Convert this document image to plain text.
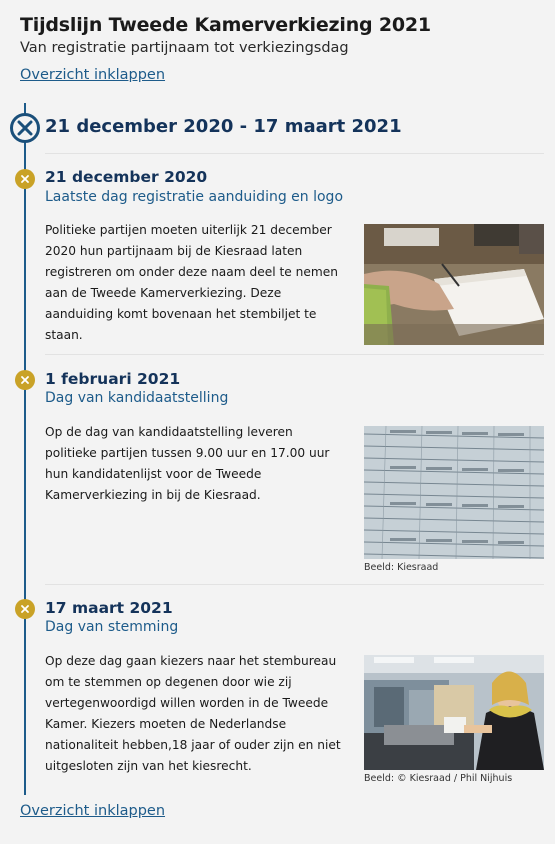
Tijdslijn Tweede Kamerverkiezing 2021
Van registratie partijnaam tot verkiezingsdag
Overzicht inklappen
21 december 2020 - 17 maart 2021
21 december 2020
Laatste dag registratie aanduiding en logo
Politieke partijen moeten uiterlijk 21 december 2020 hun partijnaam bij de Kiesraad laten registreren om onder deze naam deel te nemen aan de Tweede Kamerverkiezing. Deze aanduiding komt bovenaan het stembiljet te staan.
1 februari 2021
Dag van kandidaatstelling
Op de dag van kandidaatstelling leveren politieke partijen tussen 9.00 uur en 17.00 uur hun kandidatenlijst voor de Tweede Kamerverkiezing in bij de Kiesraad.
Beeld: Kiesraad
17 maart 2021
Dag van stemming
Op deze dag gaan kiezers naar het stembureau om te stemmen op degenen door wie zij vertegenwoordigd willen worden in de Tweede Kamer. Kiezers moeten de Nederlandse nationaliteit hebben,18 jaar of ouder zijn en niet uitgesloten zijn van het kiesrecht.
Beeld: © Kiesraad / Phil Nijhuis
Overzicht inklappen
